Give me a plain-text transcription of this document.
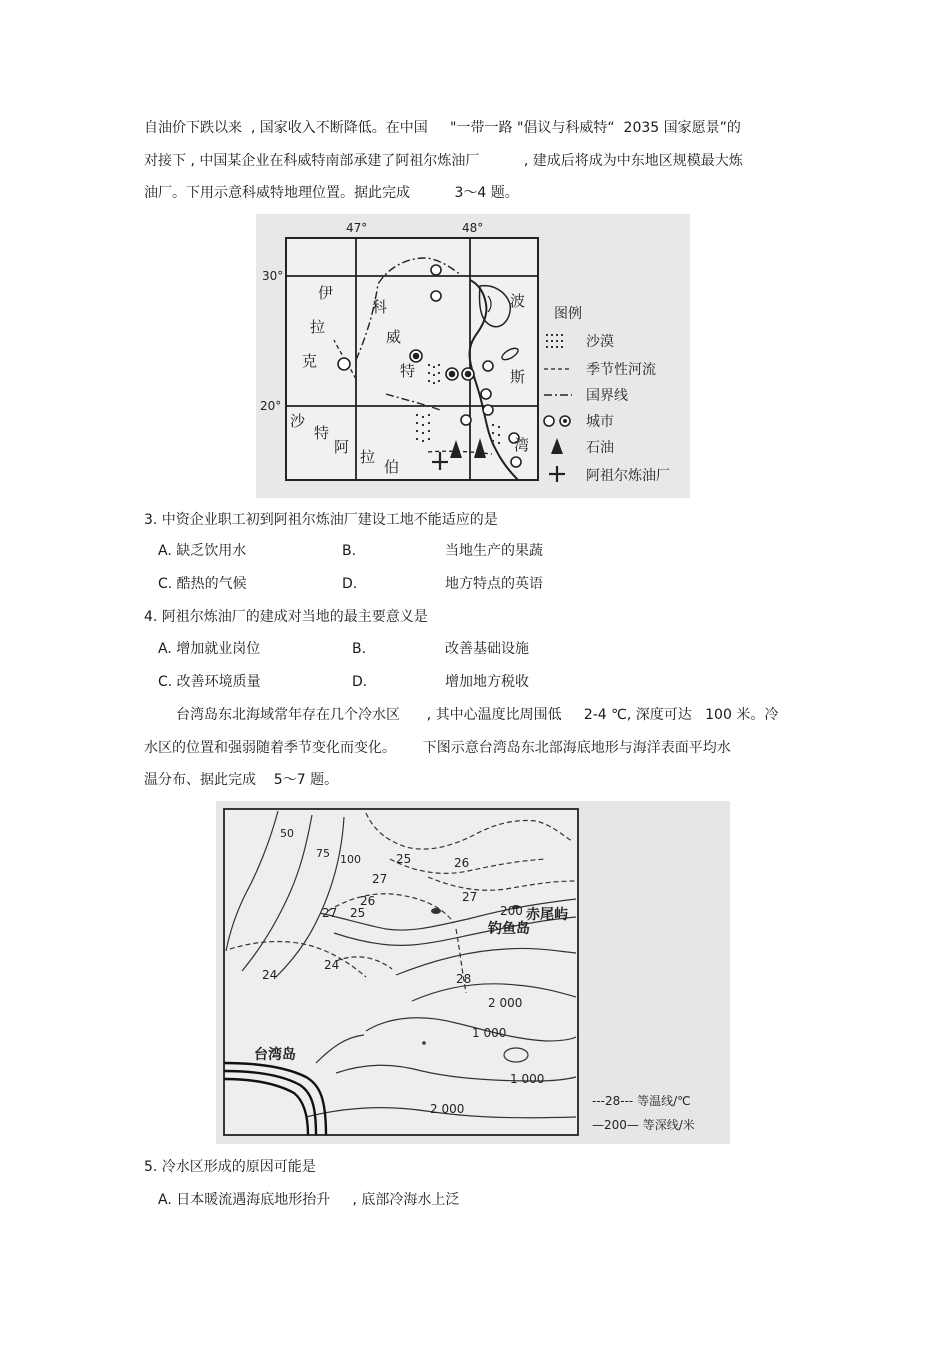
自油价下跌以来  , 国家收入不断降低。在中国     "一带一路 "倡议与科威特“  2035 国家愿景”的
对接下 , 中国某企业在科威特南部承建了阿祖尔炼油厂          , 建成后将成为中东地区规模最大炼
油厂。下用示意科威特地理位置。据此完成          3～4 题。
47°	48°
30°
20°
伊
拉
克
科
威
特
波
斯
沙
特
阿
拉
伯
湾
图例
沙漠
季节性河流
国界线
城市
石油
阿祖尔炼油厂
3. 中资企业职工初到阿祖尔炼油厂建设工地不能适应的是
A. 缺乏饮用水	B.	当地生产的果蔬
C. 酷热的气候	D.	地方特点的英语
4. 阿祖尔炼油厂的建成对当地的最主要意义是
A. 增加就业岗位	B.	改善基础设施
C. 改善环境质量	D.	增加地方税收
台湾岛东北海域常年存在几个冷水区      , 其中心温度比周围低     2-4 ℃, 深度可达   100 米。冷
水区的位置和强弱随着季节变化而变化。      下图示意台湾岛东北部海底地形与海洋表面平均水
温分布、据此完成    5～7 题。
钓鱼岛
赤尾屿
台湾岛
50
75 100
200
2 000
1 000
1 000
2 000
25	26
27
27
27
26
25
24
24
28
---28--- 等温线/℃
—200— 等深线/米
5. 冷水区形成的原因可能是
A. 日本暖流遇海底地形抬升     , 底部冷海水上泛
